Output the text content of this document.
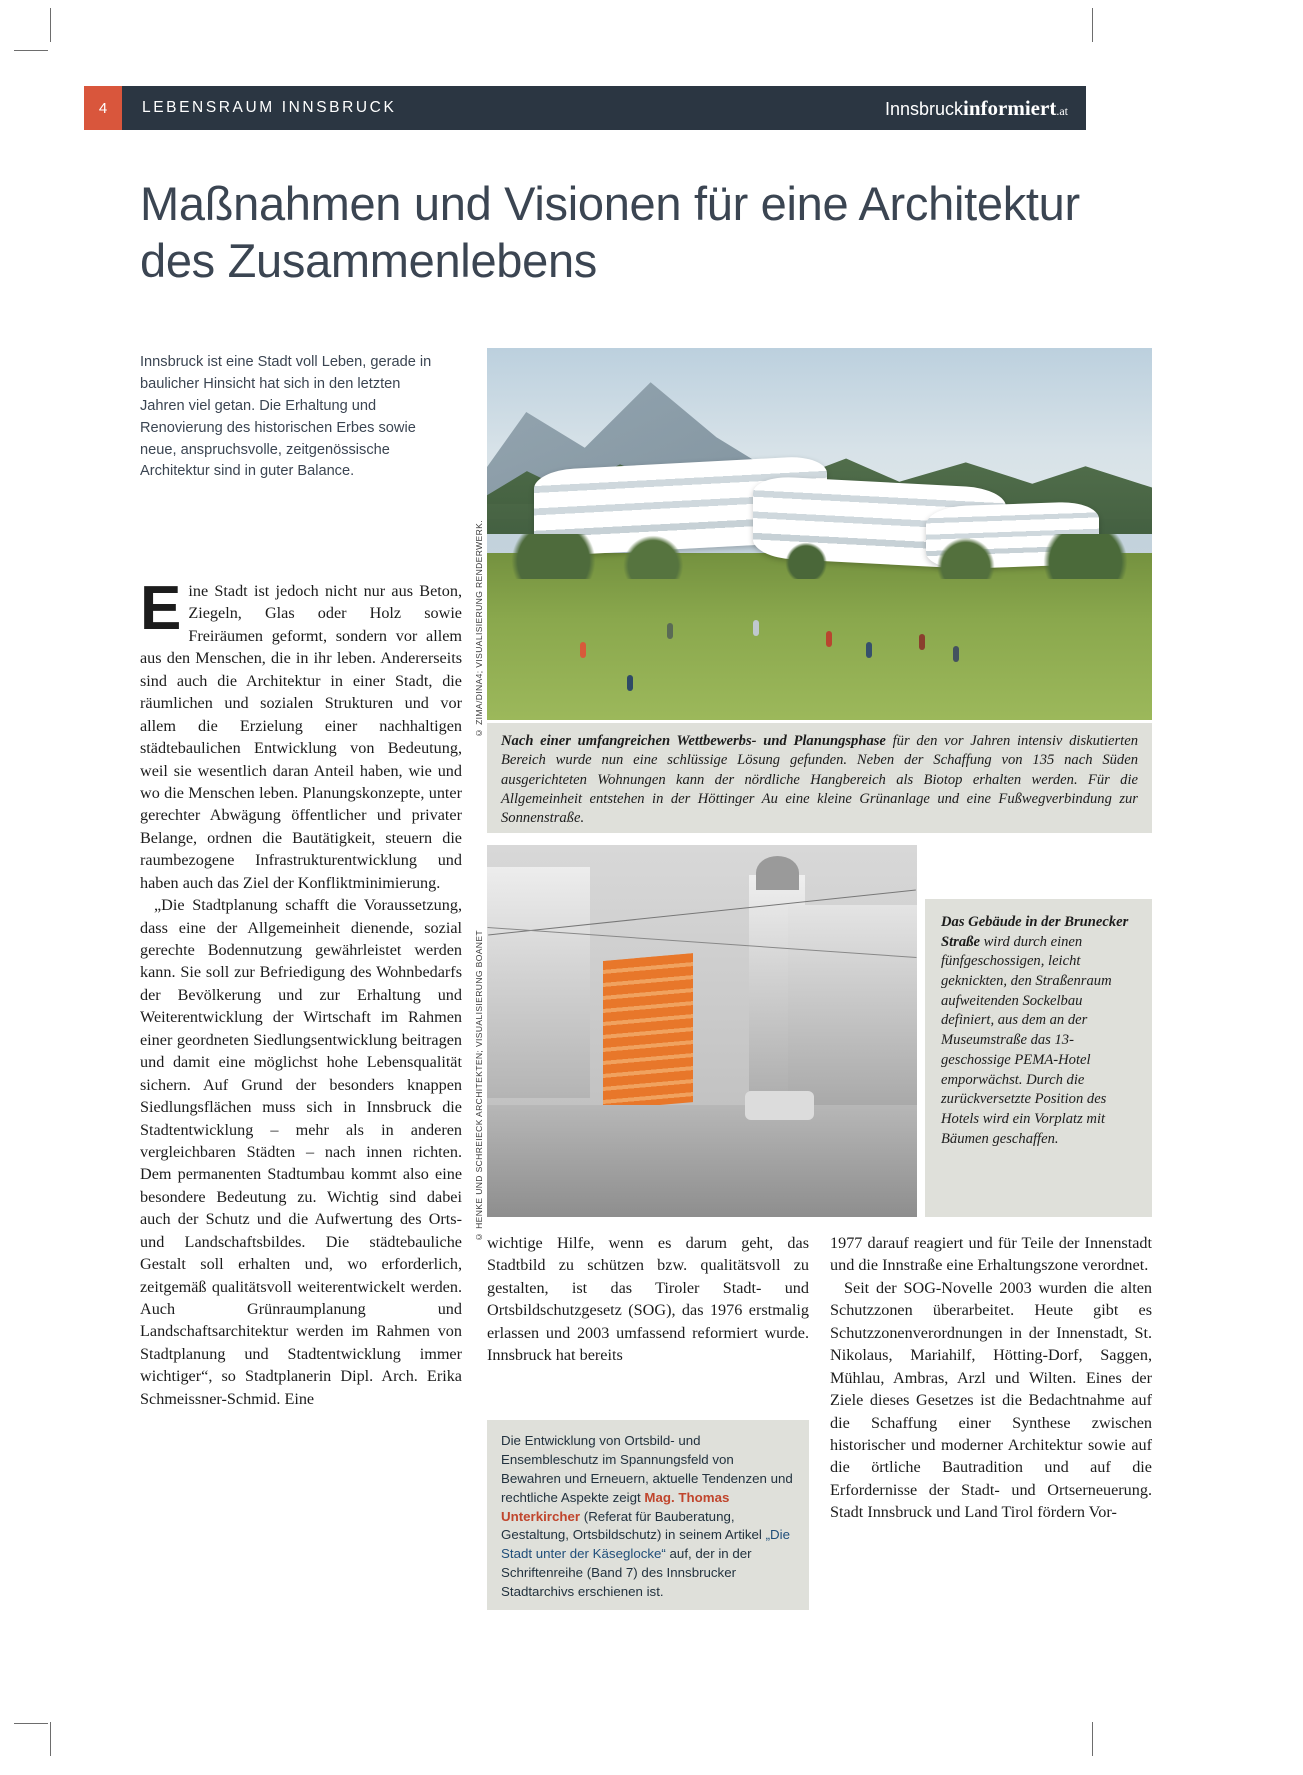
4	LEBENSRAUM INNSBRUCK	Innsbruckinformiert.at
Maßnahmen und Visionen für eine Architektur des Zusammenlebens
Innsbruck ist eine Stadt voll Leben, gerade in baulicher Hinsicht hat sich in den letzten Jahren viel getan. Die Erhaltung und Renovierung des historischen Erbes sowie neue, anspruchsvolle, zeitgenössische Architektur sind in guter Balance.

Eine Stadt ist jedoch nicht nur aus Beton, Ziegeln, Glas oder Holz sowie Freiräumen geformt, sondern vor allem aus den Menschen, die in ihr leben. Andererseits sind auch die Architektur in einer Stadt, die räumlichen und sozialen Strukturen und vor allem die Erzielung einer nachhaltigen städtebaulichen Entwicklung von Bedeutung, weil sie wesentlich daran Anteil haben, wie und wo die Menschen leben. Planungskonzepte, unter gerechter Abwägung öffentlicher und privater Belange, ordnen die Bautätigkeit, steuern die raumbezogene Infrastrukturentwicklung und haben auch das Ziel der Konfliktminimierung.

„Die Stadtplanung schafft die Voraussetzung, dass eine der Allgemeinheit dienende, sozial gerechte Bodennutzung gewährleistet werden kann. Sie soll zur Befriedigung des Wohnbedarfs der Bevölkerung und zur Erhaltung und Weiterentwicklung der Wirtschaft im Rahmen einer geordneten Siedlungsentwicklung beitragen und damit eine möglichst hohe Lebensqualität sichern. Auf Grund der besonders knappen Siedlungsflächen muss sich in Innsbruck die Stadtentwicklung – mehr als in anderen vergleichbaren Städten – nach innen richten. Dem permanenten Stadtumbau kommt also eine besondere Bedeutung zu. Wichtig sind dabei auch der Schutz und die Aufwertung des Orts- und Landschaftsbildes. Die städtebauliche Gestalt soll erhalten und, wo erforderlich, zeitgemäß qualitätsvoll weiterentwickelt werden. Auch Grünraumplanung und Landschaftsarchitektur werden im Rahmen von Stadtplanung und Stadtentwicklung immer wichtiger“, so Stadtplanerin Dipl. Arch. Erika Schmeissner-Schmid. Eine

© ZIMA/DINA4; VISUALISIERUNG RENDERWERK.
Nach einer umfangreichen Wettbewerbs- und Planungsphase für den vor Jahren intensiv diskutierten Bereich wurde nun eine schlüssige Lösung gefunden. Neben der Schaffung von 135 nach Süden ausgerichteten Wohnungen kann der nördliche Hangbereich als Biotop erhalten werden. Für die Allgemeinheit entstehen in der Höttinger Au eine kleine Grünanlage und eine Fußwegverbindung zur Sonnenstraße.
© HENKE UND SCHREIECK ARCHITEKTEN; VISUALISIERUNG BOANET
Das Gebäude in der Brunecker Straße wird durch einen fünfgeschossigen, leicht geknickten, den Straßenraum aufweitenden Sockelbau definiert, aus dem an der Museumstraße das 13-geschossige PEMA-Hotel emporwächst. Durch die zurückversetzte Position des Hotels wird ein Vorplatz mit Bäumen geschaffen.
wichtige Hilfe, wenn es darum geht, das Stadtbild zu schützen bzw. qualitätsvoll zu gestalten, ist das Tiroler Stadt- und Ortsbildschutzgesetz (SOG), das 1976 erstmalig erlassen und 2003 umfassend reformiert wurde. Innsbruck hat bereits
Die Entwicklung von Ortsbild- und Ensembleschutz im Spannungsfeld von Bewahren und Erneuern, aktuelle Tendenzen und rechtliche Aspekte zeigt Mag. Thomas Unterkircher (Referat für Bauberatung, Gestaltung, Ortsbildschutz) in seinem Artikel „Die Stadt unter der Käseglocke“ auf, der in der Schriftenreihe (Band 7) des Innsbrucker Stadtarchivs erschienen ist.

1977 darauf reagiert und für Teile der Innenstadt und die Innstraße eine Erhaltungszone verordnet.

Seit der SOG-Novelle 2003 wurden die alten Schutzzonen überarbeitet. Heute gibt es Schutzzonenverordnungen in der Innenstadt, St. Nikolaus, Mariahilf, Hötting-Dorf, Saggen, Mühlau, Ambras, Arzl und Wilten. Eines der Ziele dieses Gesetzes ist die Bedachtnahme auf die Schaffung einer Synthese zwischen historischer und moderner Architektur sowie auf die örtliche Bautradition und auf die Erfordernisse der Stadt- und Ortserneuerung. Stadt Innsbruck und Land Tirol fördern Vor-
